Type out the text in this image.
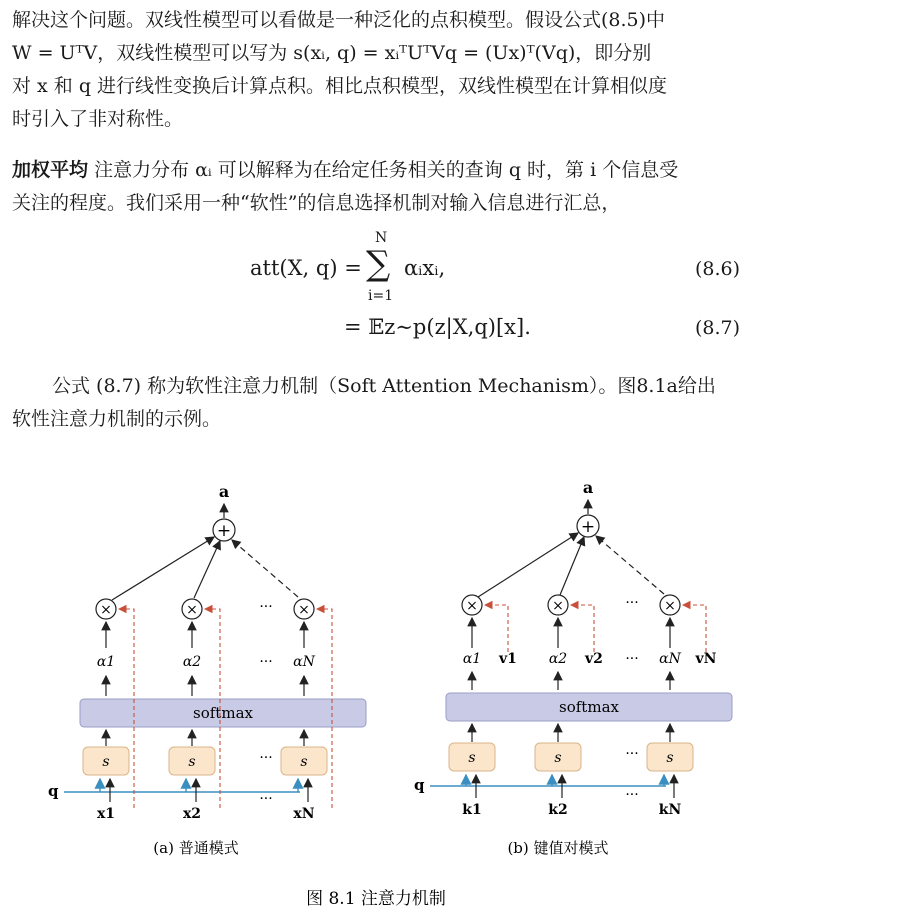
解决这个问题。双线性模型可以看做是一种泛化的点积模型。假设公式(8.5)中
W = UᵀV，双线性模型可以写为 s(xᵢ, q) = xᵢᵀUᵀVq = (Ux)ᵀ(Vq)，即分别
对 x 和 q 进行线性变换后计算点积。相比点积模型，双线性模型在计算相似度
时引入了非对称性。
加权平均 注意力分布 αᵢ 可以解释为在给定任务相关的查询 q 时，第 i 个信息受
关注的程度。我们采用一种“软性”的信息选择机制对输入信息进行汇总，
att(X, q) =
N
∑
i=1
αᵢxᵢ,	(8.6)
= 𝔼z∼p(z|X,q)[x].	(8.7)
公式 (8.7) 称为软性注意力机制（Soft Attention Mechanism）。图8.1a给出
软性注意力机制的示例。
a
+
×	×	×
···
α1	α2	αN
···
softmax
s	s	s
···
q
x1	x2	xN
···
(a) 普通模式
a
+
×	×	×
···
α1 v1 α2 v2 ··· αN vN
softmax
s	s	s
···
q
k1	k2	kN
···
(b) 键值对模式
图 8.1 注意力机制
